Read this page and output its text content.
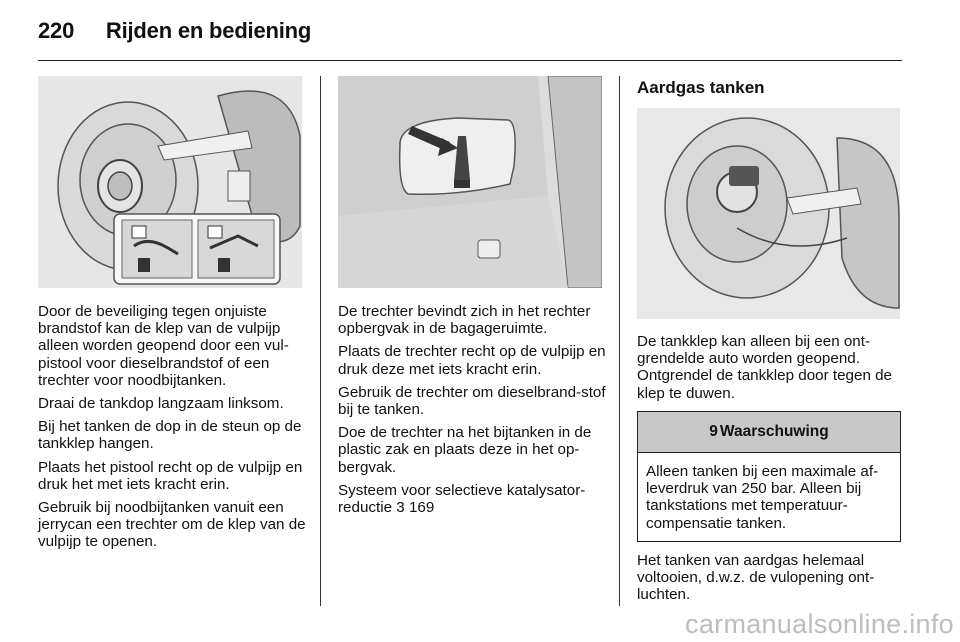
220 Rijden en bediening

Door de beveiliging tegen onjuiste brandstof kan de klep van de vulpijp alleen worden geopend door een vul-pistool voor dieselbrandstof of een trechter voor noodbijtanken.

Draai de tankdop langzaam linksom.

Bij het tanken de dop in de steun op de tankklep hangen.

Plaats het pistool recht op de vulpijp en druk het met iets kracht erin.

Gebruik bij noodbijtanken vanuit een jerrycan een trechter om de klep van de vulpijp te openen.

De trechter bevindt zich in het rechter opbergvak in de bagageruimte.

Plaats de trechter recht op de vulpijp en druk deze met iets kracht erin.

Gebruik de trechter om dieselbrand-stof bij te tanken.

Doe de trechter na het bijtanken in de plastic zak en plaats deze in het op-bergvak.

Systeem voor selectieve katalysator-reductie 3 169

Aardgas tanken

De tankklep kan alleen bij een ont-grendelde auto worden geopend. Ontgrendel de tankklep door tegen de klep te duwen.

9 Waarschuwing
Alleen tanken bij een maximale af-leverdruk van 250 bar. Alleen bij tankstations met temperatuur-compensatie tanken.

Het tanken van aardgas helemaal voltooien, d.w.z. de vulopening ont-luchten.

carmanualsonline.info
